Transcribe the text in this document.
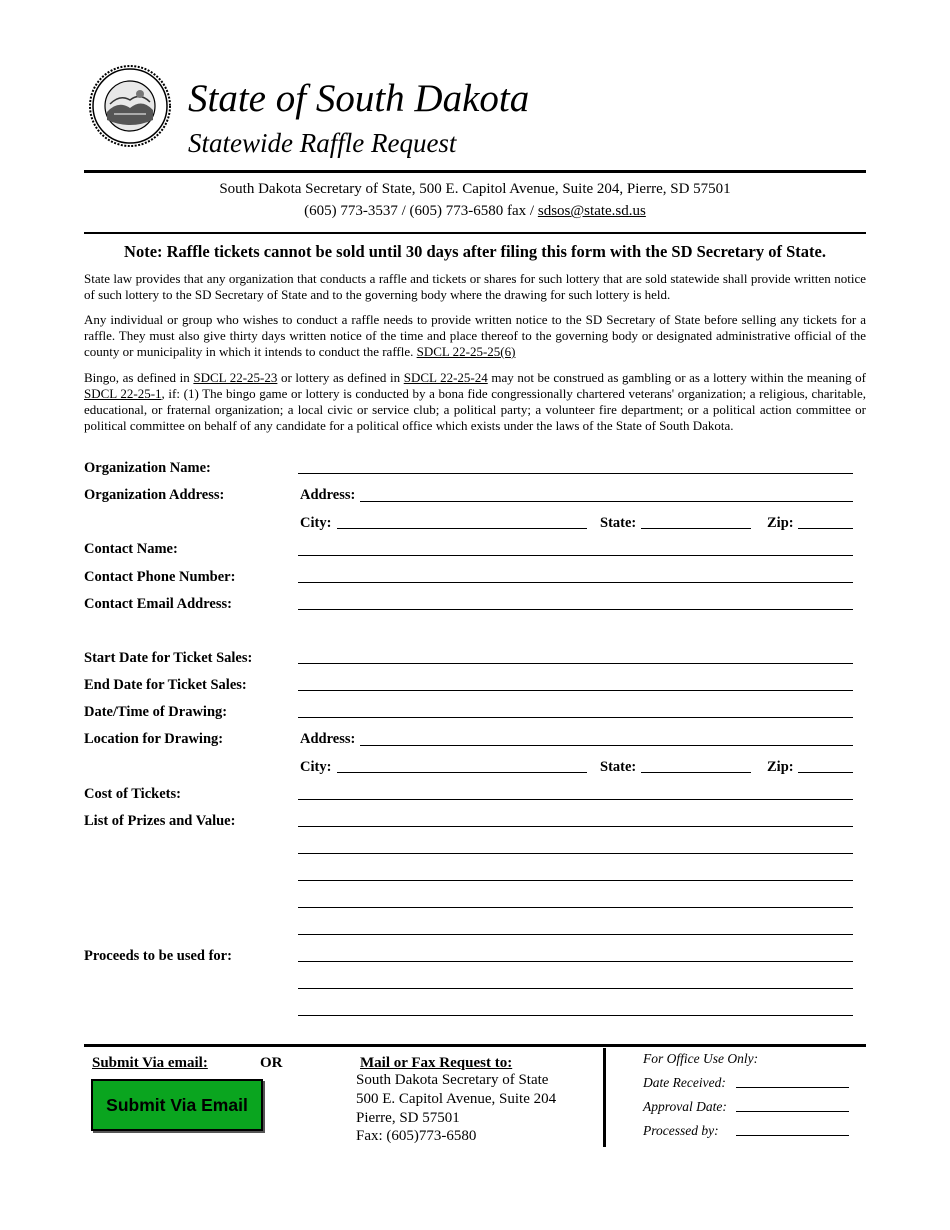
State of South Dakota
Statewide Raffle Request
South Dakota Secretary of State, 500 E. Capitol Avenue, Suite 204, Pierre, SD 57501
(605) 773-3537 / (605) 773-6580 fax / sdsos@state.sd.us
Note: Raffle tickets cannot be sold until 30 days after filing this form with the SD Secretary of State.
State law provides that any organization that conducts a raffle and tickets or shares for such lottery that are sold statewide shall provide written notice of such lottery to the SD Secretary of State and to the governing body where the drawing for such lottery is held.
Any individual or group who wishes to conduct a raffle needs to provide written notice to the SD Secretary of State before selling any tickets for a raffle. They must also give thirty days written notice of the time and place thereof to the governing body or designated administrative official of the county or municipality in which it intends to conduct the raffle. SDCL 22-25-25(6)
Bingo, as defined in SDCL 22-25-23 or lottery as defined in SDCL 22-25-24 may not be construed as gambling or as a lottery within the meaning of SDCL 22-25-1, if: (1) The bingo game or lottery is conducted by a bona fide congressionally chartered veterans' organization; a religious, charitable, educational, or fraternal organization; a local civic or service club; a political party; a volunteer fire department; or a political action committee or political committee on behalf of any candidate for a political office which exists under the laws of the State of South Dakota.
Organization Name:
Organization Address:	Address:
City:	State:	Zip:
Contact Name:
Contact Phone Number:
Contact Email Address:
Start Date for Ticket Sales:
End Date for Ticket Sales:
Date/Time of Drawing:
Location for Drawing:	Address:
City:	State:	Zip:
Cost of Tickets:
List of Prizes and Value:
Proceeds to be used for:
Submit Via email:	OR
Submit Via Email
Mail or Fax Request to:
South Dakota Secretary of State
500 E. Capitol Avenue, Suite 204
Pierre, SD 57501
Fax: (605)773-6580
For Office Use Only:
Date Received:
Approval Date:
Processed by:
